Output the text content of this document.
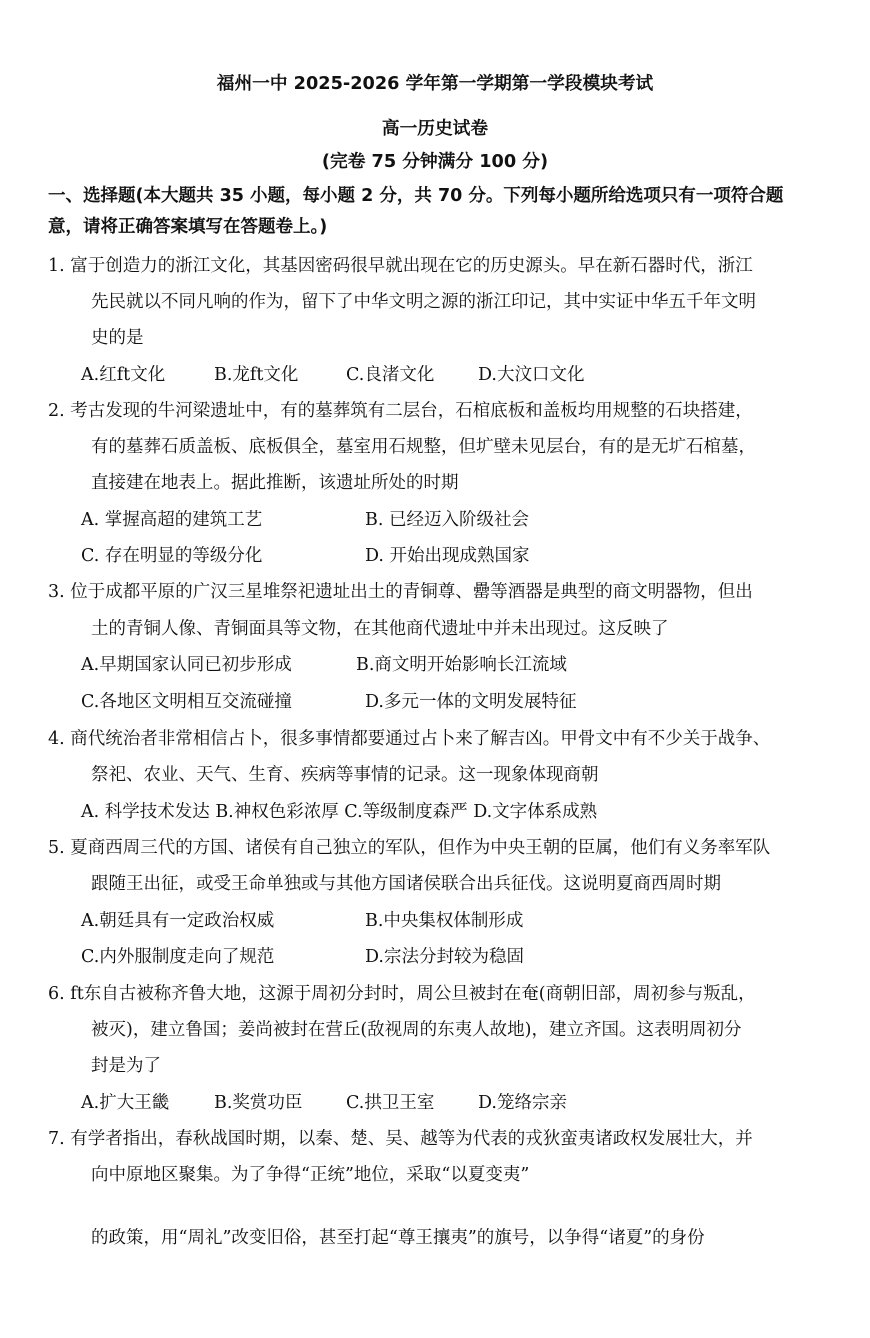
福州一中 2025-2026 学年第一学期第一学段模块考试
高一历史试卷
(完卷 75 分钟满分 100 分)
一、选择题(本大题共 35 小题，每小题 2 分，共 70 分。下列每小题所给选项只有一项符合题
意，请将正确答案填写在答题卷上。)
1. 富于创造力的浙江文化，其基因密码很早就出现在它的历史源头。早在新石器时代，浙江
先民就以不同凡响的作为，留下了中华文明之源的浙江印记，其中实证中华五千年文明
史的是
A.红ft文化	B.龙ft文化	C.良渚文化 D.大汶口文化
2. 考古发现的牛河梁遗址中，有的墓葬筑有二层台，石棺底板和盖板均用规整的石块搭建，
有的墓葬石质盖板、底板俱全，墓室用石规整，但圹壁未见层台，有的是无圹石棺墓，
直接建在地表上。据此推断，该遗址所处的时期
A. 掌握高超的建筑工艺	B. 已经迈入阶级社会
C. 存在明显的等级分化	D. 开始出现成熟国家
3. 位于成都平原的广汉三星堆祭祀遗址出土的青铜尊、罍等酒器是典型的商文明器物，但出
土的青铜人像、青铜面具等文物，在其他商代遗址中并未出现过。这反映了
A.早期国家认同已初步形成	B.商文明开始影响长江流域
C.各地区文明相互交流碰撞	D.多元一体的文明发展特征
4. 商代统治者非常相信占卜，很多事情都要通过占卜来了解吉凶。甲骨文中有不少关于战争、
祭祀、农业、天气、生育、疾病等事情的记录。这一现象体现商朝
A. 科学技术发达 B.神权色彩浓厚 C.等级制度森严 D.文字体系成熟
5. 夏商西周三代的方国、诸侯有自己独立的军队，但作为中央王朝的臣属，他们有义务率军队
跟随王出征，或受王命单独或与其他方国诸侯联合出兵征伐。这说明夏商西周时期
A.朝廷具有一定政治权威	B.中央集权体制形成
C.内外服制度走向了规范	D.宗法分封较为稳固
6. ft东自古被称齐鲁大地，这源于周初分封时，周公旦被封在奄(商朝旧部，周初参与叛乱，
被灭)，建立鲁国；姜尚被封在营丘(敌视周的东夷人故地)，建立齐国。这表明周初分
封是为了
A.扩大王畿	B.奖赏功臣 C.拱卫王室 D.笼络宗亲
7. 有学者指出，春秋战国时期，以秦、楚、吴、越等为代表的戎狄蛮夷诸政权发展壮大，并
向中原地区聚集。为了争得“正统”地位，采取“以夏变夷”
的政策，用“周礼”改变旧俗，甚至打起“尊王攘夷”的旗号，以争得“诸夏”的身份
